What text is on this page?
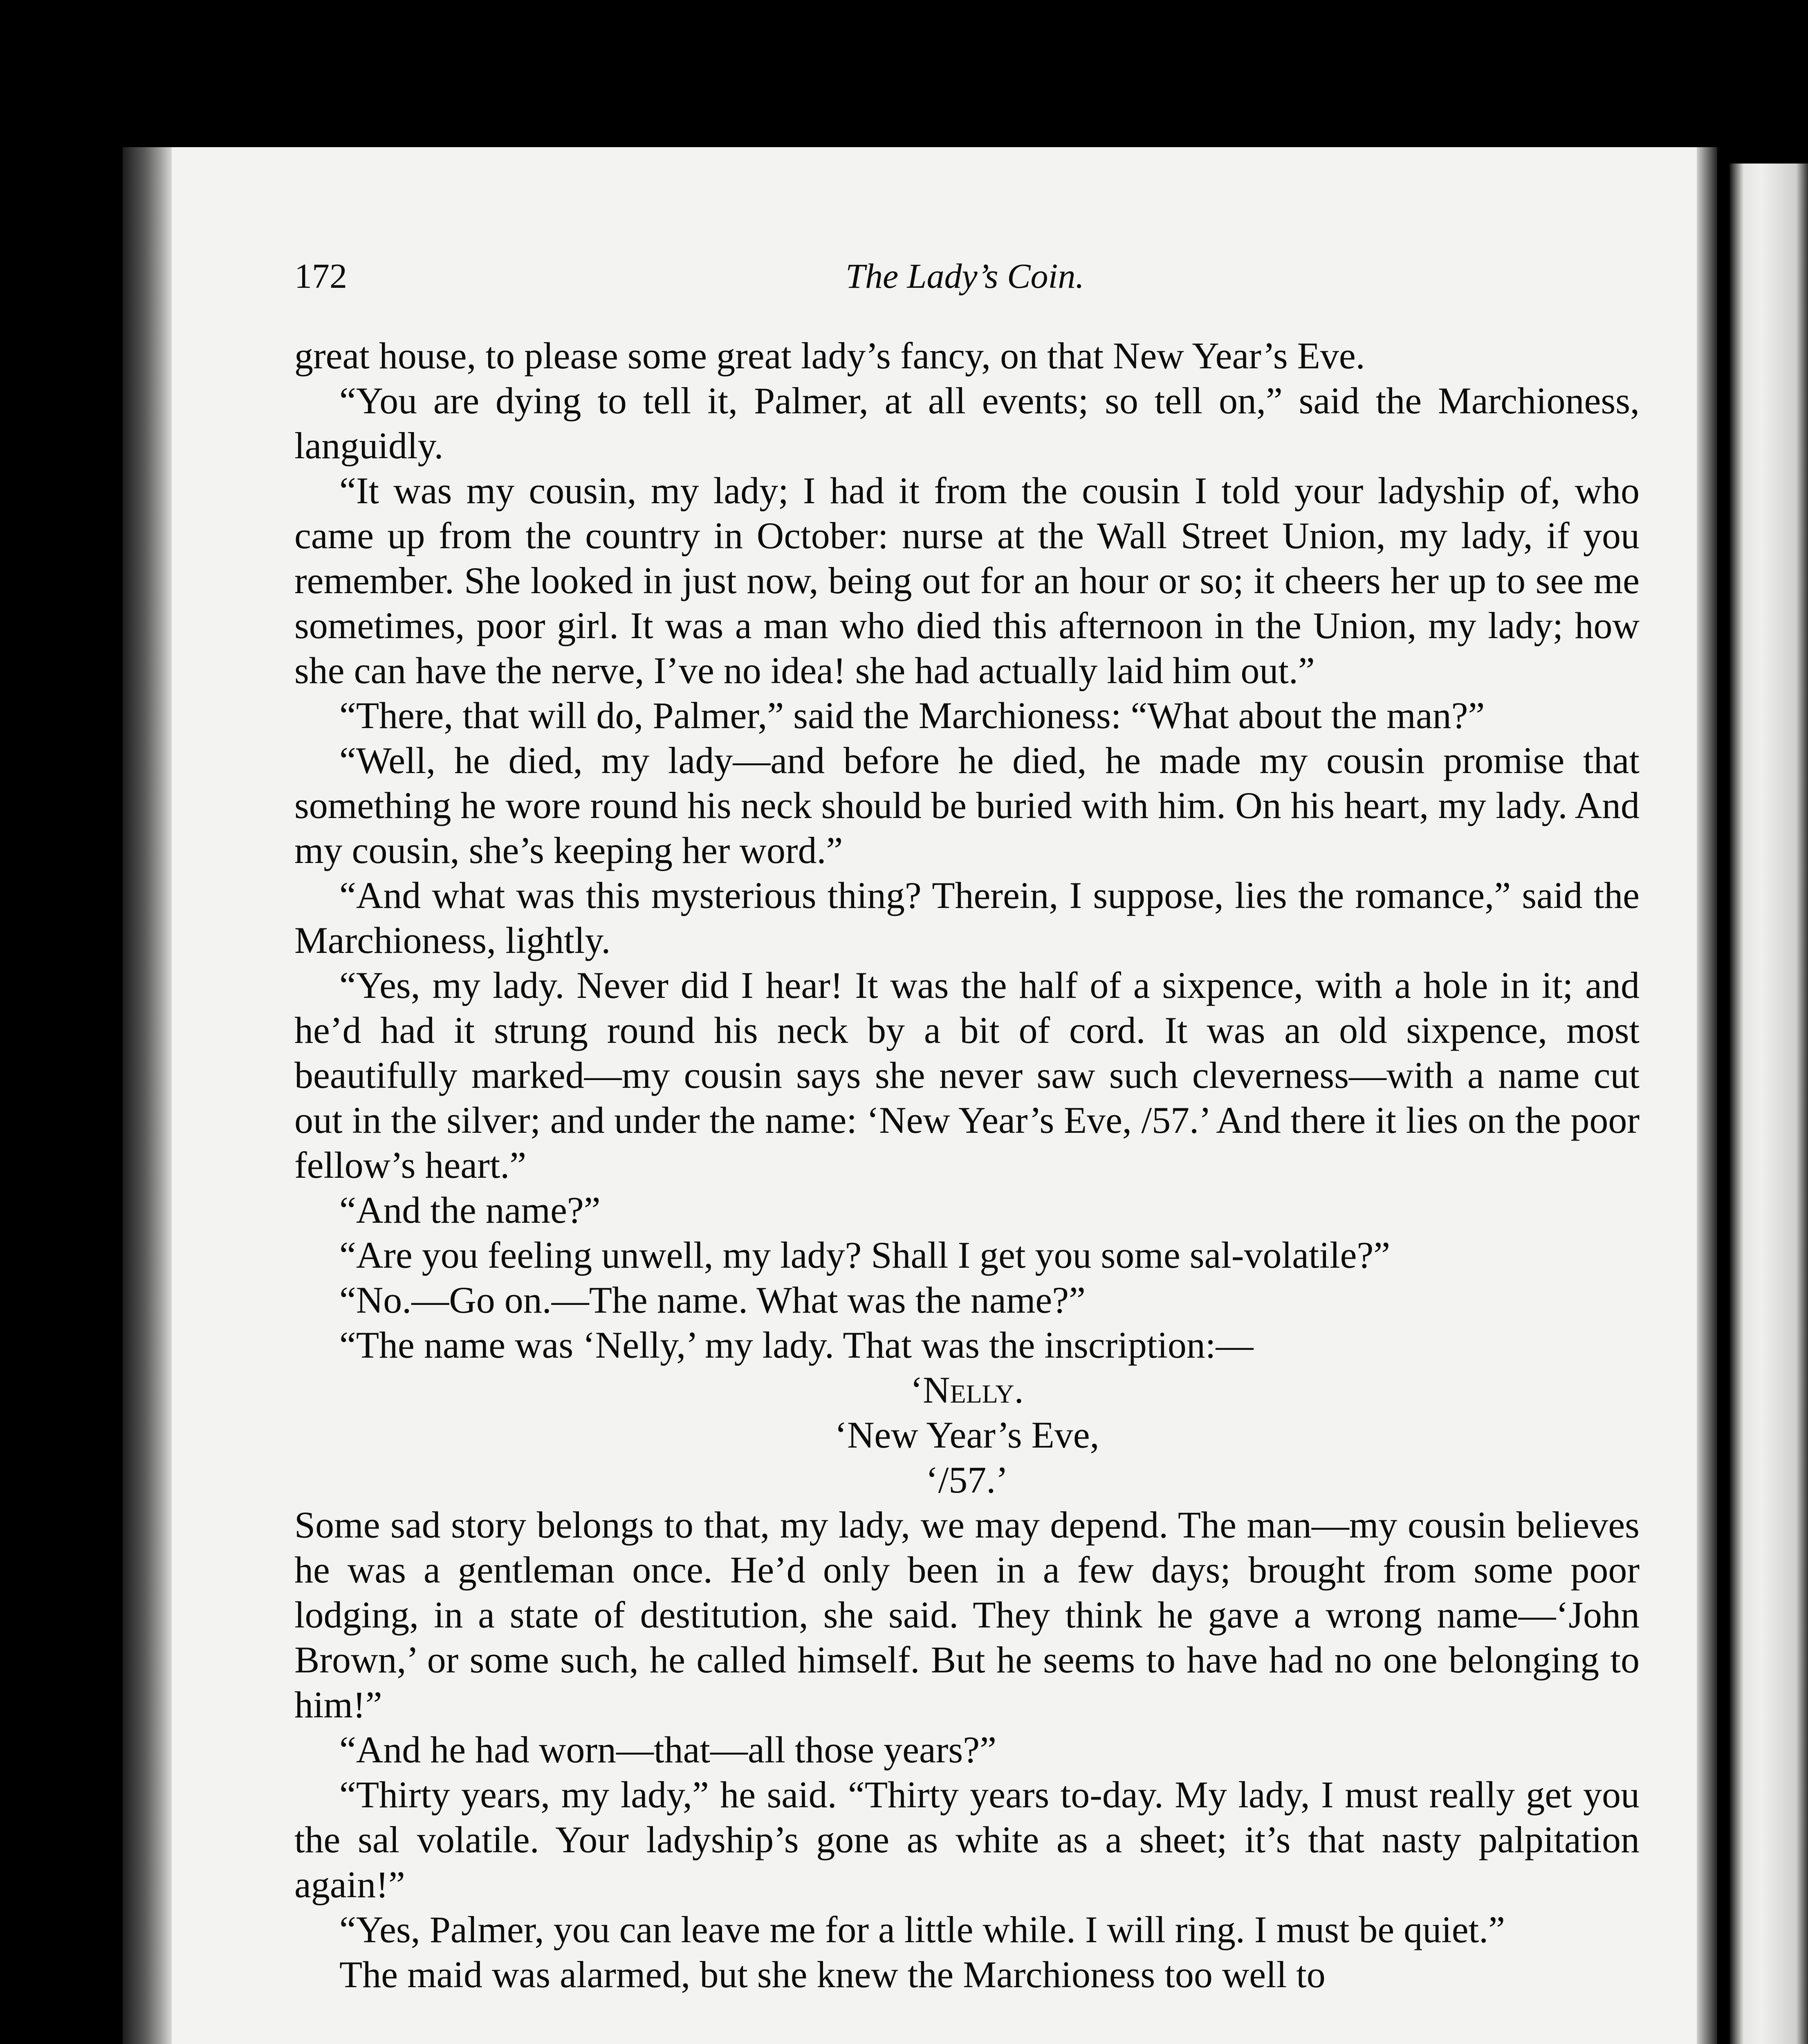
172	The Lady’s Coin.

great house, to please some great lady’s fancy, on that New Year’s Eve.

“You are dying to tell it, Palmer, at all events; so tell on,” said the Marchioness, languidly.

“It was my cousin, my lady; I had it from the cousin I told your ladyship of, who came up from the country in October: nurse at the Wall Street Union, my lady, if you remember. She looked in just now, being out for an hour or so; it cheers her up to see me sometimes, poor girl. It was a man who died this afternoon in the Union, my lady; how she can have the nerve, I’ve no idea! she had actually laid him out.”

“There, that will do, Palmer,” said the Marchioness: “What about the man?”

“Well, he died, my lady—and before he died, he made my cousin promise that something he wore round his neck should be buried with him. On his heart, my lady. And my cousin, she’s keeping her word.”

“And what was this mysterious thing? Therein, I suppose, lies the romance,” said the Marchioness, lightly.

“Yes, my lady. Never did I hear! It was the half of a sixpence, with a hole in it; and he’d had it strung round his neck by a bit of cord. It was an old sixpence, most beautifully marked—my cousin says she never saw such cleverness—with a name cut out in the silver; and under the name: ‘New Year’s Eve, /57.’ And there it lies on the poor fellow’s heart.”

“And the name?”

“Are you feeling unwell, my lady? Shall I get you some sal-volatile?”

“No.—Go on.—The name. What was the name?”

“The name was ‘Nelly,’ my lady. That was the inscription:—

‘Nelly.
‘New Year’s Eve,
‘/57.’

Some sad story belongs to that, my lady, we may depend. The man—my cousin believes he was a gentleman once. He’d only been in a few days; brought from some poor lodging, in a state of destitution, she said. They think he gave a wrong name—‘John Brown,’ or some such, he called himself. But he seems to have had no one belonging to him!”

“And he had worn—that—all those years?”

“Thirty years, my lady,” he said. “Thirty years to-day. My lady, I must really get you the sal volatile. Your ladyship’s gone as white as a sheet; it’s that nasty palpitation again!”

“Yes, Palmer, you can leave me for a little while. I will ring. I must be quiet.”

The maid was alarmed, but she knew the Marchioness too well to
